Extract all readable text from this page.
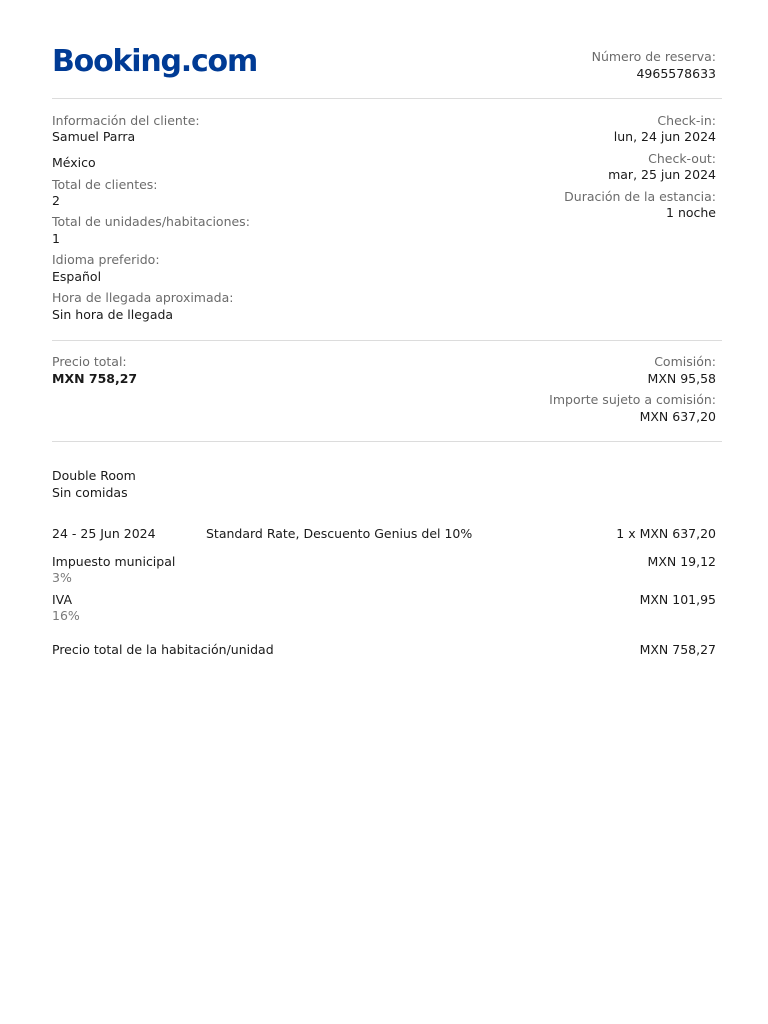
Booking.com	Número de reserva:
4965578633
Información del cliente:
Samuel Parra
México
Total de clientes:
2
Total de unidades/habitaciones:
1
Idioma preferido:
Español
Hora de llegada aproximada:
Sin hora de llegada
Check-in:
lun, 24 jun 2024
Check-out:
mar, 25 jun 2024
Duración de la estancia:
1 noche
Precio total:
MXN 758,27
Comisión:
MXN 95,58
Importe sujeto a comisión:
MXN 637,20
Double Room
Sin comidas
24 - 25 Jun 2024	Standard Rate, Descuento Genius del 10%	1 x MXN 637,20
Impuesto municipal
3%
MXN 19,12
IVA
16%
MXN 101,95
Precio total de la habitación/unidad	MXN 758,27
